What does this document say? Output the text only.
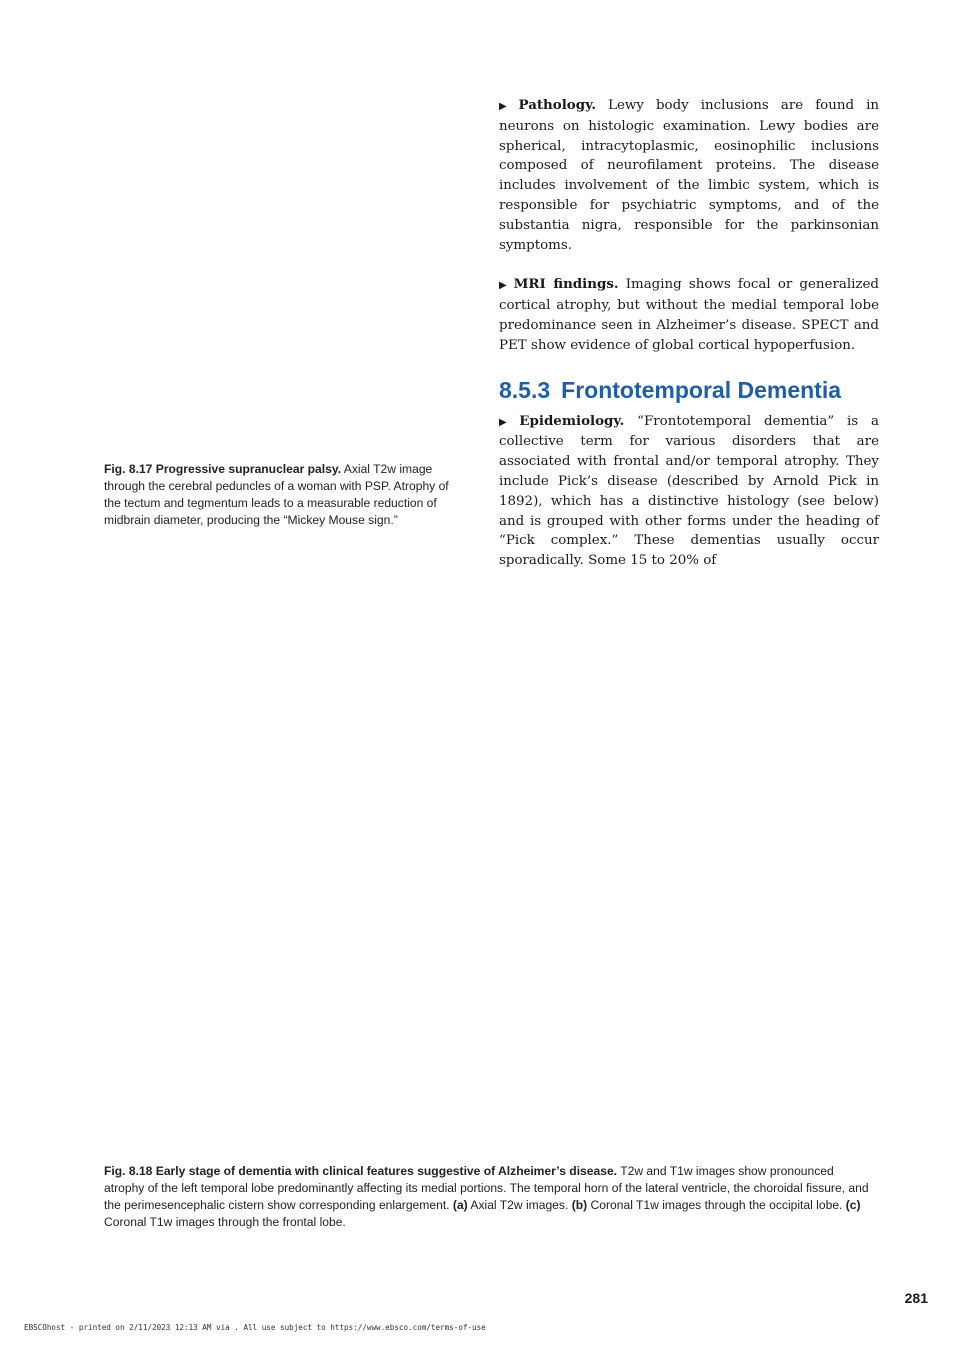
▶ Pathology. Lewy body inclusions are found in neurons on histologic examination. Lewy bodies are spherical, intracytoplasmic, eosinophilic inclusions composed of neurofilament proteins. The disease includes involvement of the limbic system, which is responsible for psychiatric symptoms, and of the substantia nigra, responsible for the parkinsonian symptoms.

▶ MRI findings. Imaging shows focal or generalized cortical atrophy, but without the medial temporal lobe predominance seen in Alzheimer’s disease. SPECT and PET show evidence of global cortical hypoperfusion.

8.5.3 Frontotemporal Dementia

▶ Epidemiology. “Frontotemporal dementia” is a collective term for various disorders that are associated with frontal and/or temporal atrophy. They include Pick’s disease (described by Arnold Pick in 1892), which has a distinctive histology (see below) and is grouped with other forms under the heading of “Pick complex.” These dementias usually occur sporadically. Some 15 to 20% of

Fig. 8.17 Progressive supranuclear palsy. Axial T2w image through the cerebral peduncles of a woman with PSP. Atrophy of the tectum and tegmentum leads to a measurable reduction of midbrain diameter, producing the “Mickey Mouse sign.”
Fig. 8.18 Early stage of dementia with clinical features suggestive of Alzheimer’s disease. T2w and T1w images show pronounced atrophy of the left temporal lobe predominantly affecting its medial portions. The temporal horn of the lateral ventricle, the choroidal fissure, and the perimesencephalic cistern show corresponding enlargement. (a) Axial T2w images. (b) Coronal T1w images through the occipital lobe. (c) Coronal T1w images through the frontal lobe.
281
EBSCOhost - printed on 2/11/2023 12:13 AM via . All use subject to https://www.ebsco.com/terms-of-use
